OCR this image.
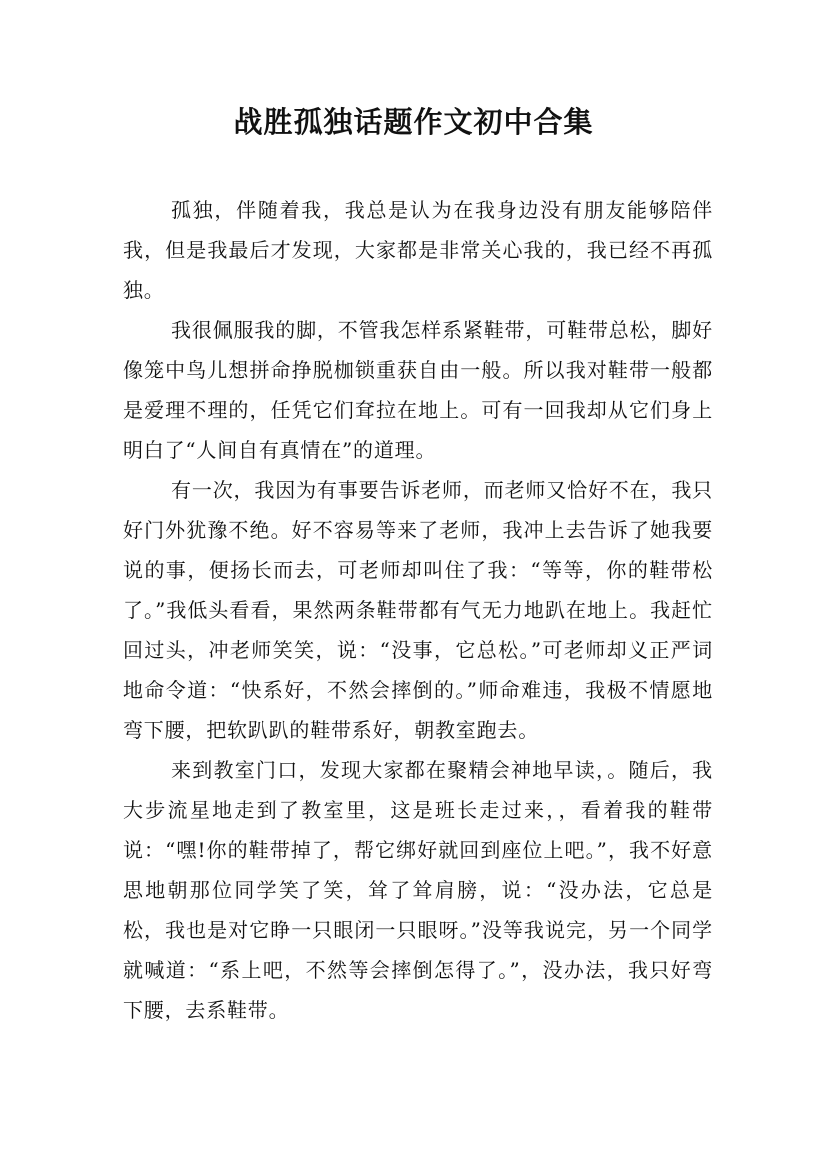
战胜孤独话题作文初中合集

孤独，伴随着我，我总是认为在我身边没有朋友能够陪伴我，但是我最后才发现，大家都是非常关心我的，我已经不再孤独。

我很佩服我的脚，不管我怎样系紧鞋带，可鞋带总松，脚好像笼中鸟儿想拼命挣脱枷锁重获自由一般。所以我对鞋带一般都是爱理不理的，任凭它们耷拉在地上。可有一回我却从它们身上明白了“人间自有真情在”的道理。

有一次，我因为有事要告诉老师，而老师又恰好不在，我只好门外犹豫不绝。好不容易等来了老师，我冲上去告诉了她我要说的事，便扬长而去，可老师却叫住了我：“等等，你的鞋带松了。”我低头看看，果然两条鞋带都有气无力地趴在地上。我赶忙回过头，冲老师笑笑，说：“没事，它总松。”可老师却义正严词地命令道：“快系好，不然会摔倒的。”师命难违，我极不情愿地弯下腰，把软趴趴的鞋带系好，朝教室跑去。

来到教室门口，发现大家都在聚精会神地早读，。随后，我大步流星地走到了教室里，这是班长走过来，，看着我的鞋带说：“嘿!你的鞋带掉了，帮它绑好就回到座位上吧。”，我不好意思地朝那位同学笑了笑，耸了耸肩膀，说：“没办法，它总是松，我也是对它睁一只眼闭一只眼呀。”没等我说完，另一个同学就喊道：“系上吧，不然等会摔倒怎得了。”，没办法，我只好弯下腰，去系鞋带。
